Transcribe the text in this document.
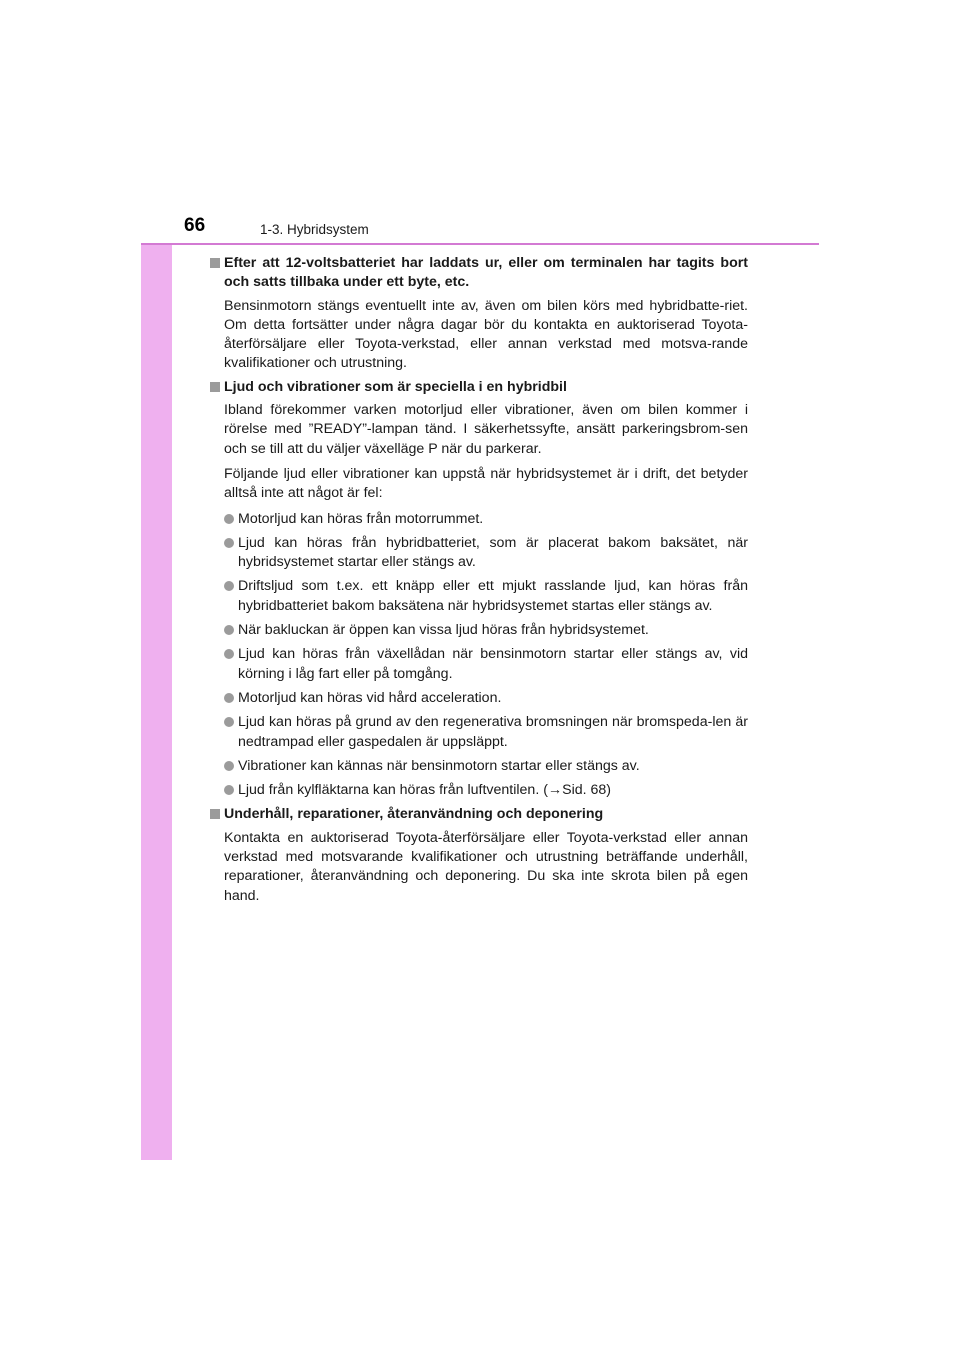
66	1-3. Hybridsystem
Efter att 12-voltsbatteriet har laddats ur, eller om terminalen har tagits bort och satts tillbaka under ett byte, etc.
Bensinmotorn stängs eventuellt inte av, även om bilen körs med hybridbatte-riet. Om detta fortsätter under några dagar bör du kontakta en auktoriserad Toyota-återförsäljare eller Toyota-verkstad, eller annan verkstad med motsva-rande kvalifikationer och utrustning.
Ljud och vibrationer som är speciella i en hybridbil
Ibland förekommer varken motorljud eller vibrationer, även om bilen kommer i rörelse med ”READY”-lampan tänd. I säkerhetssyfte, ansätt parkeringsbrom-sen och se till att du väljer växelläge P när du parkerar.
Följande ljud eller vibrationer kan uppstå när hybridsystemet är i drift, det betyder alltså inte att något är fel:
Motorljud kan höras från motorrummet.
Ljud kan höras från hybridbatteriet, som är placerat bakom baksätet, när hybridsystemet startar eller stängs av.
Driftsljud som t.ex. ett knäpp eller ett mjukt rasslande ljud, kan höras från hybridbatteriet bakom baksätena när hybridsystemet startas eller stängs av.
När bakluckan är öppen kan vissa ljud höras från hybridsystemet.
Ljud kan höras från växellådan när bensinmotorn startar eller stängs av, vid körning i låg fart eller på tomgång.
Motorljud kan höras vid hård acceleration.
Ljud kan höras på grund av den regenerativa bromsningen när bromspeda-len är nedtrampad eller gaspedalen är uppsläppt.
Vibrationer kan kännas när bensinmotorn startar eller stängs av.
Ljud från kylfläktarna kan höras från luftventilen. (→Sid. 68)
Underhåll, reparationer, återanvändning och deponering
Kontakta en auktoriserad Toyota-återförsäljare eller Toyota-verkstad eller annan verkstad med motsvarande kvalifikationer och utrustning beträffande underhåll, reparationer, återanvändning och deponering. Du ska inte skrota bilen på egen hand.
